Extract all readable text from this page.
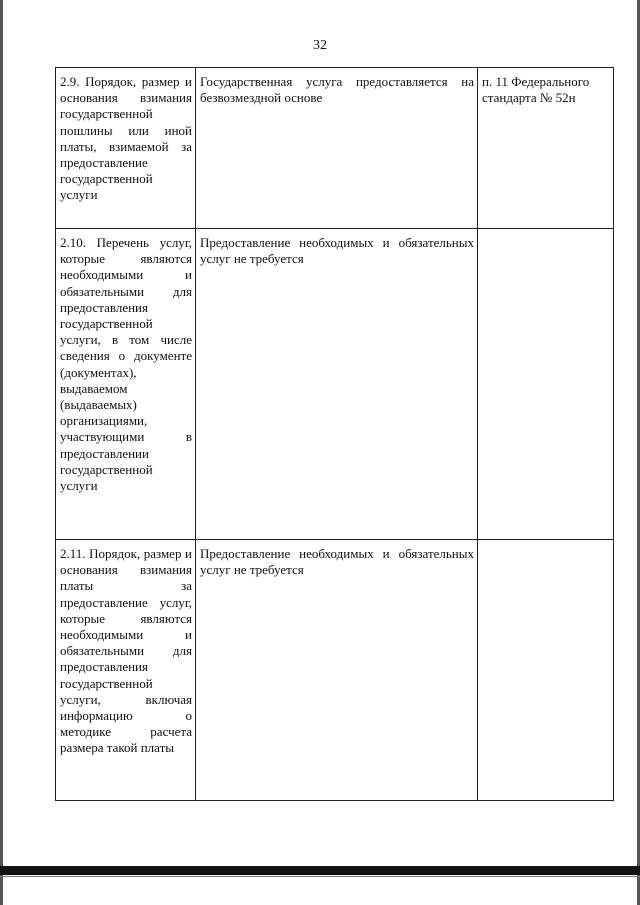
32
2.9. Порядок, размер и основания взимания государственной пошлины или иной платы, взимаемой за предоставление государственной услуги	Государственная услуга предоставляется на безвозмездной основе	п. 11 Федерального стандарта № 52н
2.10. Перечень услуг, которые являются необходимыми и обязательными для предоставления государственной услуги, в том числе сведения о документе (документах), выдаваемом (выдаваемых) организациями, участвующими в предоставлении государственной услуги	Предоставление необходимых и обязательных услуг не требуется	
2.11. Порядок, размер и основания взимания платы за предоставление услуг, которые являются необходимыми и обязательными для предоставления государственной услуги, включая информацию о методике расчета размера такой платы	Предоставление необходимых и обязательных услуг не требуется	
